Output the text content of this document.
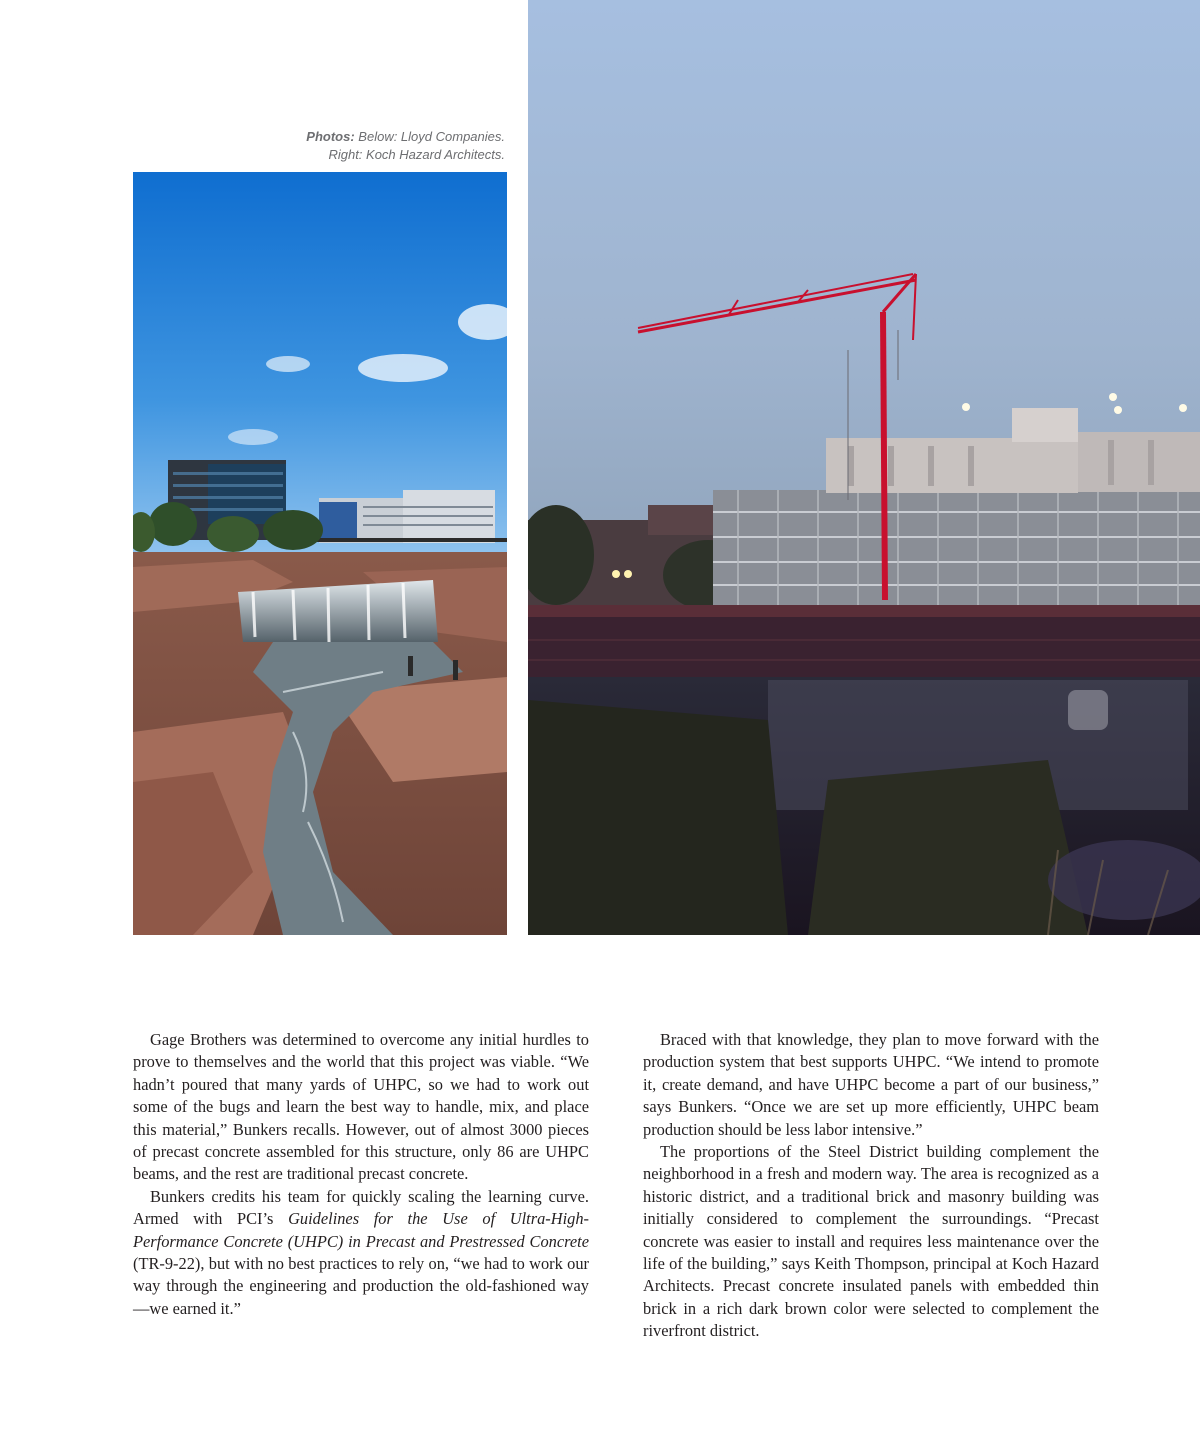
Photos: Below: Lloyd Companies.
Right: Koch Hazard Architects.

Gage Brothers was determined to overcome any initial hurdles to prove to themselves and the world that this project was viable. “We hadn’t poured that many yards of UHPC, so we had to work out some of the bugs and learn the best way to handle, mix, and place this material,” Bunkers recalls. However, out of almost 3000 pieces of precast concrete assembled for this structure, only 86 are UHPC beams, and the rest are traditional precast concrete.

Bunkers credits his team for quickly scaling the learning curve. Armed with PCI’s Guidelines for the Use of Ultra-High-Performance Concrete (UHPC) in Precast and Prestressed Concrete (TR-9-22), but with no best practices to rely on, “we had to work our way through the engineering and production the old-fashioned way—we earned it.”

Braced with that knowledge, they plan to move forward with the production system that best supports UHPC. “We intend to promote it, create demand, and have UHPC become a part of our business,” says Bunkers. “Once we are set up more efficiently, UHPC beam production should be less labor intensive.”

The proportions of the Steel District building complement the neighborhood in a fresh and modern way. The area is recognized as a historic district, and a traditional brick and masonry building was initially considered to complement the surroundings. “Precast concrete was easier to install and requires less maintenance over the life of the building,” says Keith Thompson, principal at Koch Hazard Architects. Precast concrete insulated panels with embedded thin brick in a rich dark brown color were selected to complement the riverfront district.
